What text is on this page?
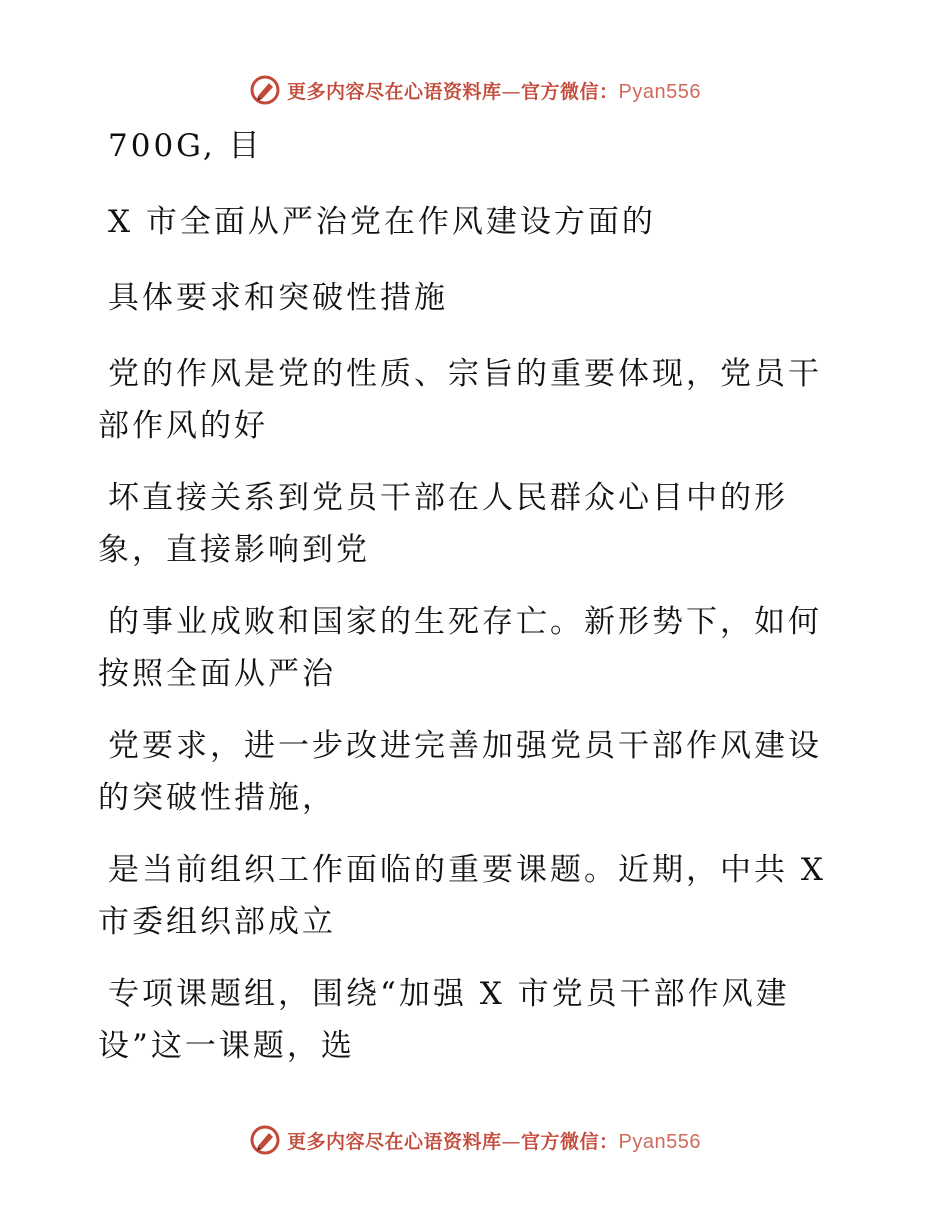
更多内容尽在心语资料库—官方微信：Pyan556

700G, 目

X 市全面从严治党在作风建设方面的

具体要求和突破性措施

党的作风是党的性质、宗旨的重要体现，党员干部作风的好

坏直接关系到党员干部在人民群众心目中的形象，直接影响到党

的事业成败和国家的生死存亡。新形势下，如何按照全面从严治

党要求，进一步改进完善加强党员干部作风建设的突破性措施，

是当前组织工作面临的重要课题。近期，中共 X 市委组织部成立

专项课题组，围绕“加强 X 市党员干部作风建设”这一课题，选

更多内容尽在心语资料库—官方微信：Pyan556
